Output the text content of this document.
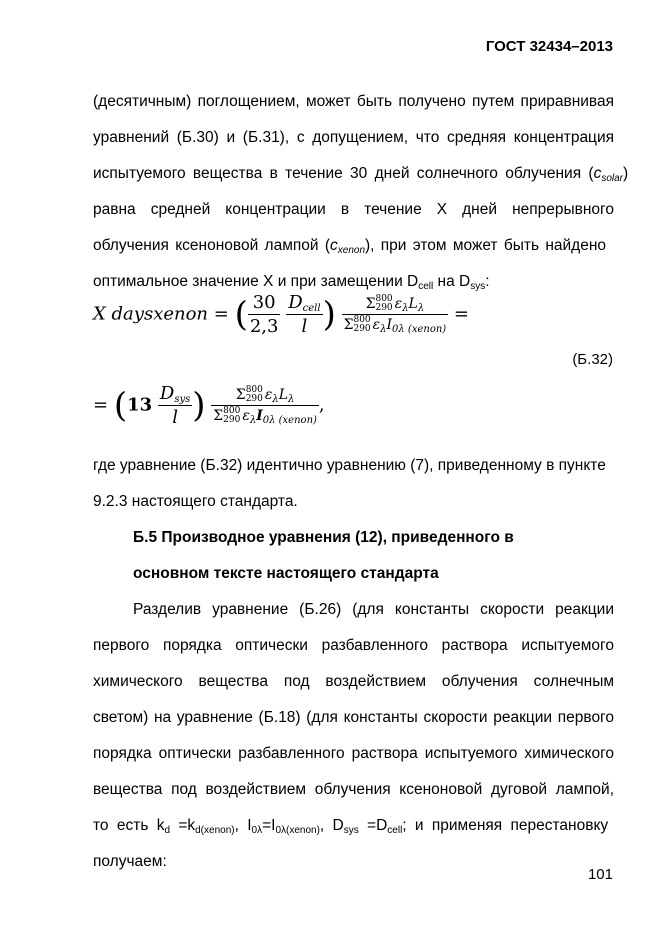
ГОСТ 32434–2013
(десятичным) поглощением, может быть получено путем приравнивая
уравнений (Б.30) и (Б.31), с допущением, что средняя концентрация
испытуемого вещества в течение 30 дней солнечного облучения $(c_{solar})$
равна средней концентрации в течение X дней непрерывного
облучения ксеноновой лампой $(c_{xenon})$, при этом может быть найдено
оптимальное значение X и при замещении $D_{cell}$ на $D_{sys}$:
X daysxenon = ( $\frac{30}{2,3}$
$\frac{D_{cell}}{l}$ )	Σ800
290 $\varepsilon_\lambda L_\lambda$
Σ800
290 $\varepsilon_\lambda I_{0\lambda (xenon)}$
=
(Б.32)
= ($13 \frac{D_{sys}}{l}$ )	Σ800
290 $\varepsilon_\lambda L_\lambda$
Σ800
290 $\varepsilon_\lambda I_{0\lambda (xenon)}$
,
где уравнение (Б.32) идентично уравнению (7), приведенному в пункте
9.2.3 настоящего стандарта.
Б.5 Производное уравнения (12), приведенного в
основном тексте настоящего стандарта
Разделив уравнение (Б.26) (для константы скорости реакции
первого порядка оптически разбавленного раствора испытуемого
химического вещества под воздействием облучения солнечным
светом) на уравнение (Б.18) (для константы скорости реакции первого
порядка оптически разбавленного раствора испытуемого химического
вещества под воздействием облучения ксеноновой дуговой лампой,
то есть $k_d =k_{d(xenon)}$, $I_{0\lambda}=I_{0\lambda(xenon)}$, $D_{sys} =D_{cell}$; и применяя перестановку
получаем:
101
